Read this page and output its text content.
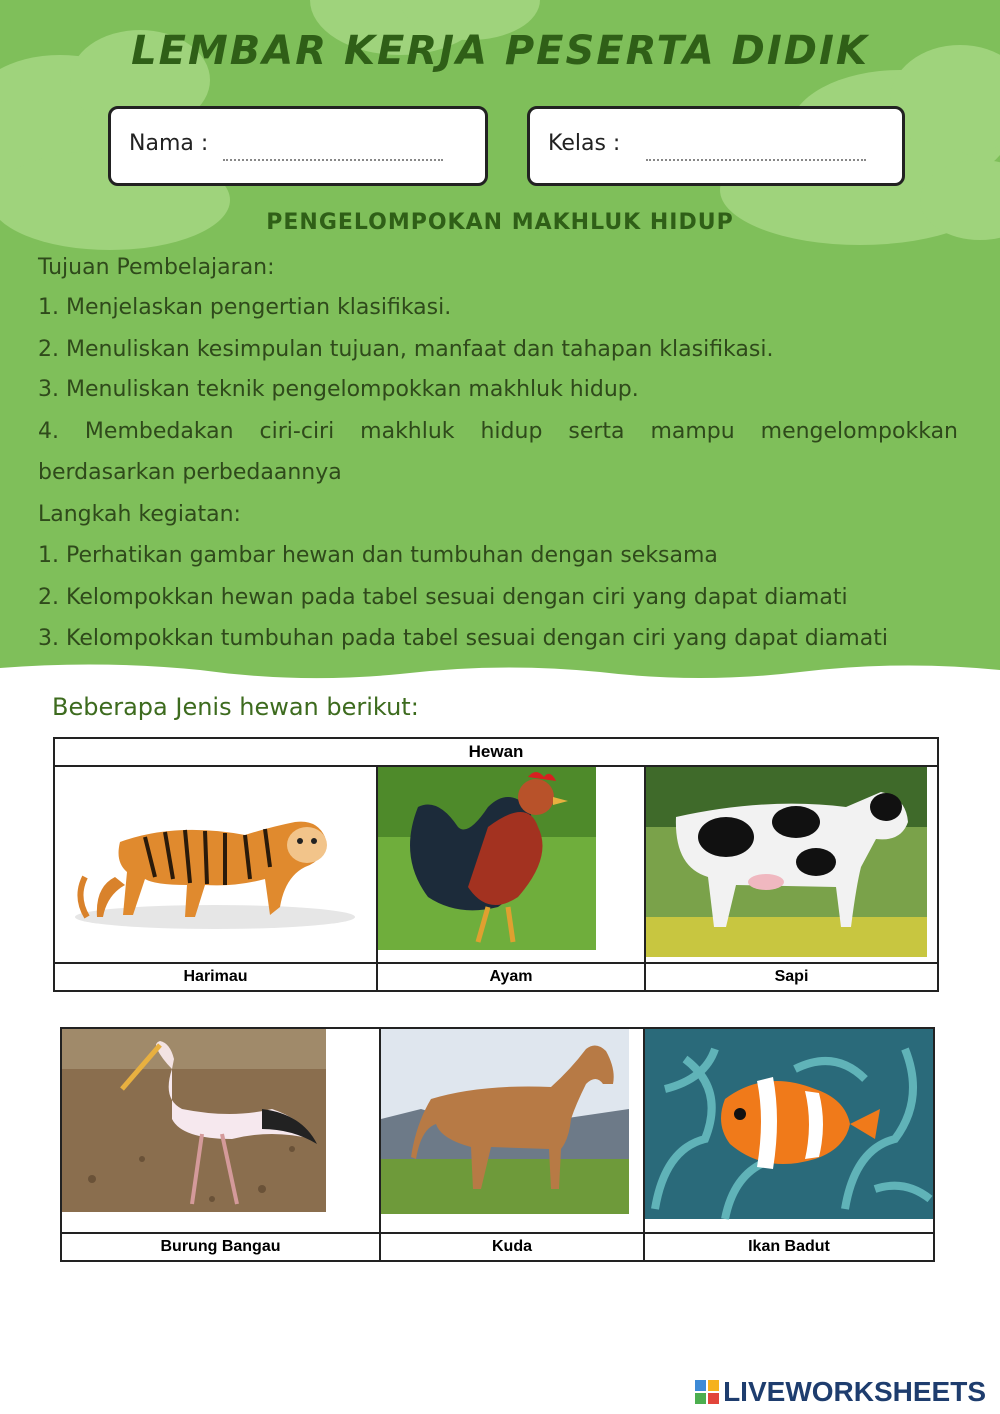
LEMBAR KERJA PESERTA DIDIK
Nama :	Kelas :
PENGELOMPOKAN MAKHLUK HIDUP
Tujuan Pembelajaran:
1. Menjelaskan pengertian klasifikasi.
2. Menuliskan kesimpulan tujuan, manfaat dan tahapan klasifikasi.
3. Menuliskan teknik pengelompokkan makhluk hidup.
4. Membedakan ciri-ciri makhluk hidup serta mampu mengelompokkan
berdasarkan perbedaannya
Langkah kegiatan:
1. Perhatikan gambar hewan dan tumbuhan dengan seksama
2. Kelompokkan hewan pada tabel sesuai dengan ciri yang dapat diamati
3. Kelompokkan tumbuhan pada tabel sesuai dengan ciri yang dapat diamati
Beberapa Jenis hewan berikut:
Hewan		

Harimau	Ayam	Sapi

Burung Bangau	Kuda	Ikan Badut
LIVEWORKSHEETS
